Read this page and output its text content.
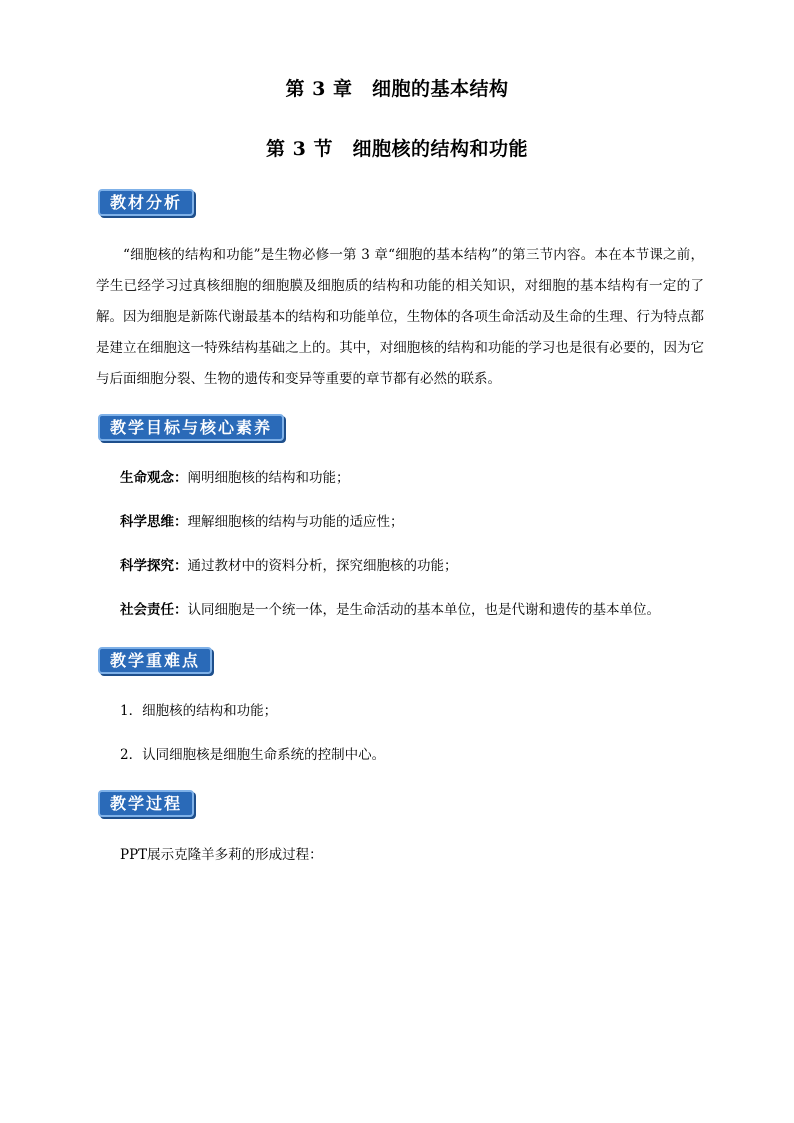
第 3 章　细胞的基本结构
第 3 节　细胞核的结构和功能
教材分析
“细胞核的结构和功能”是生物必修一第 3 章“细胞的基本结构”的第三节内容。本在本节课之前，学生已经学习过真核细胞的细胞膜及细胞质的结构和功能的相关知识，对细胞的基本结构有一定的了解。因为细胞是新陈代谢最基本的结构和功能单位，生物体的各项生命活动及生命的生理、行为特点都是建立在细胞这一特殊结构基础之上的。其中，对细胞核的结构和功能的学习也是很有必要的，因为它与后面细胞分裂、生物的遗传和变异等重要的章节都有必然的联系。
教学目标与核心素养
生命观念：阐明细胞核的结构和功能；
科学思维：理解细胞核的结构与功能的适应性；
科学探究：通过教材中的资料分析，探究细胞核的功能；
社会责任：认同细胞是一个统一体，是生命活动的基本单位，也是代谢和遗传的基本单位。
教学重难点
1．细胞核的结构和功能；
2．认同细胞核是细胞生命系统的控制中心。
教学过程
PPT展示克隆羊多莉的形成过程：
